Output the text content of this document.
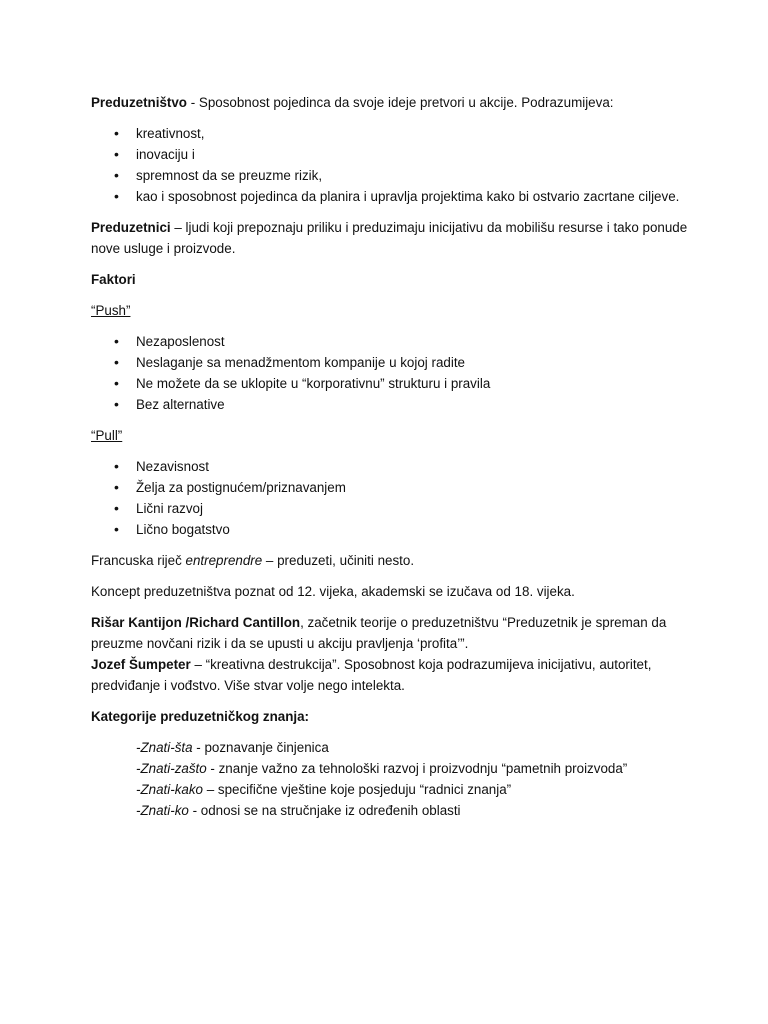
Preduzetništvo - Sposobnost pojedinca da svoje ideje pretvori u akcije. Podrazumijeva:

• kreativnost,
• inovaciju i
• spremnost da se preuzme rizik,
• kao i sposobnost pojedinca da planira i upravlja projektima kako bi ostvario zacrtane ciljeve.

Preduzetnici – ljudi koji prepoznaju priliku i preduzimaju inicijativu da mobilišu resurse i tako ponude nove usluge i proizvode.

Faktori

“Push”

• Nezaposlenost
• Neslaganje sa menadžmentom kompanije u kojoj radite
• Ne možete da se uklopite u “korporativnu” strukturu i pravila
• Bez alternative

“Pull”

• Nezavisnost
• Želja za postignućem/priznavanjem
• Lični razvoj
• Lično bogatstvo

Francuska riječ entreprendre – preduzeti, učiniti nesto.

Koncept preduzetništva poznat od 12. vijeka, akademski se izučava od 18. vijeka.

Rišar Kantijon /Richard Cantillon, začetnik teorije o preduzetništvu “Preduzetnik je spreman da preuzme novčani rizik i da se upusti u akciju pravljenja ‘profita’”.

Jozef Šumpeter – “kreativna destrukcija”. Sposobnost koja podrazumijeva inicijativu, autoritet, predviđanje i vođstvo. Više stvar volje nego intelekta.

Kategorije preduzetničkog znanja:

-Znati-šta - poznavanje činjenica

-Znati-zašto - znanje važno za tehnološki razvoj i proizvodnju “pametnih proizvoda”

-Znati-kako – specifične vještine koje posjeduju “radnici znanja”

-Znati-ko - odnosi se na stručnjake iz određenih oblasti
